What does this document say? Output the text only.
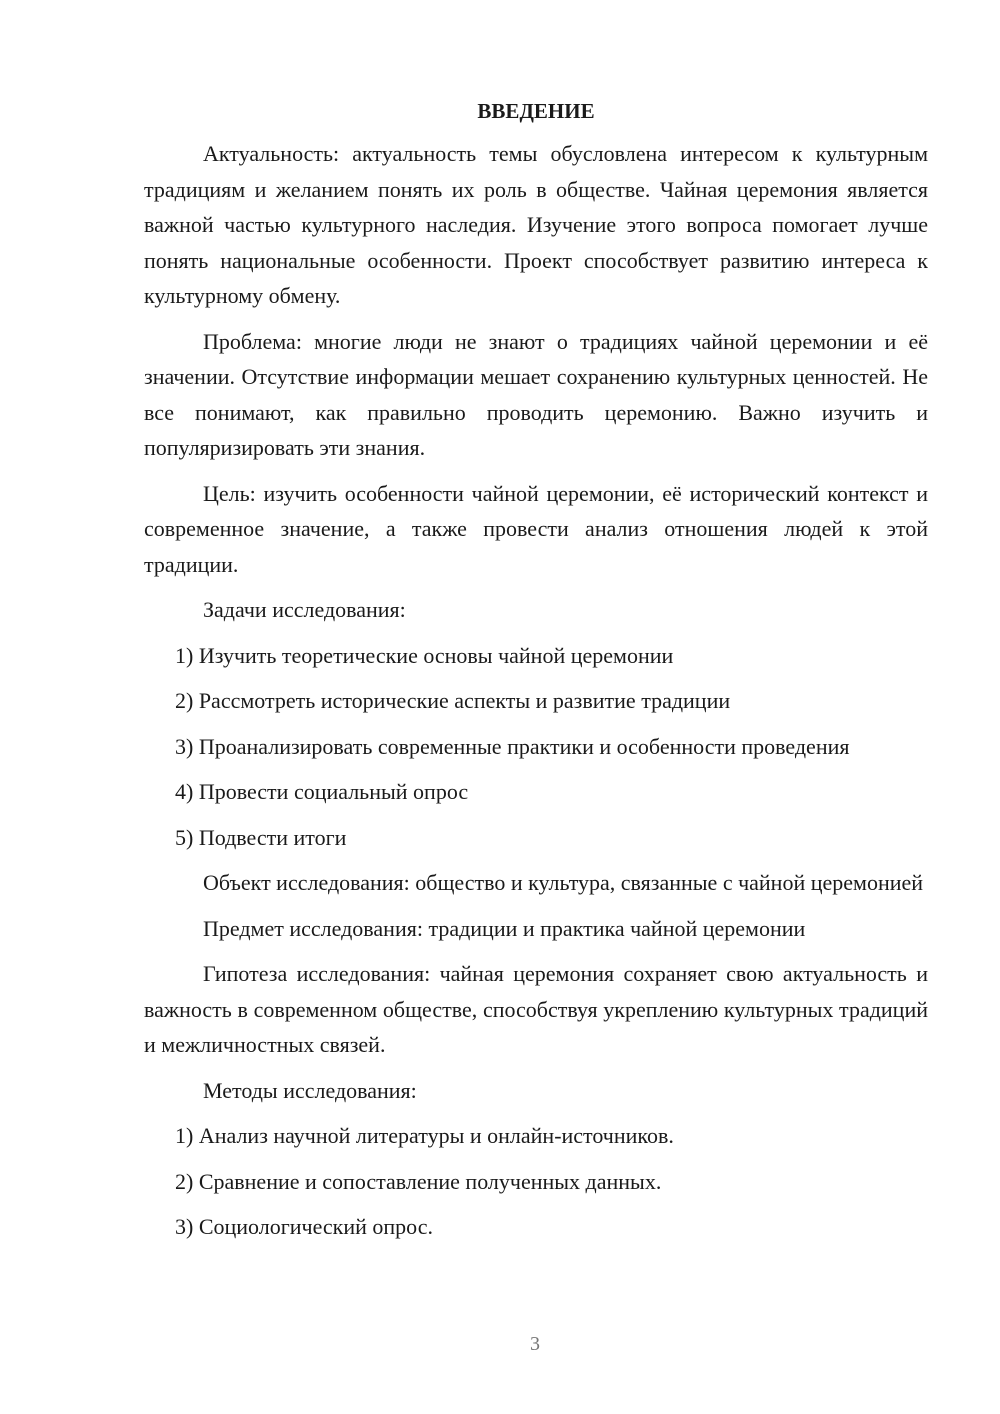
ВВЕДЕНИЕ

Актуальность: актуальность темы обусловлена интересом к культурным традициям и желанием понять их роль в обществе. Чайная церемония является важной частью культурного наследия. Изучение этого вопроса помогает лучше понять национальные особенности. Проект способствует развитию интереса к культурному обмену.

Проблема: многие люди не знают о традициях чайной церемонии и её значении. Отсутствие информации мешает сохранению культурных ценностей. Не все понимают, как правильно проводить церемонию. Важно изучить и популяризировать эти знания.

Цель: изучить особенности чайной церемонии, её исторический контекст и современное значение, а также провести анализ отношения людей к этой традиции.

Задачи исследования:

1) Изучить теоретические основы чайной церемонии

2) Рассмотреть исторические аспекты и развитие традиции

3) Проанализировать современные практики и особенности проведения

4) Провести социальный опрос

5) Подвести итоги

Объект исследования: общество и культура, связанные с чайной церемонией

Предмет исследования: традиции и практика чайной церемонии

Гипотеза исследования: чайная церемония сохраняет свою актуальность и важность в современном обществе, способствуя укреплению культурных традиций и межличностных связей.

Методы исследования:

1) Анализ научной литературы и онлайн-источников.

2) Сравнение и сопоставление полученных данных.

3) Социологический опрос.

3
